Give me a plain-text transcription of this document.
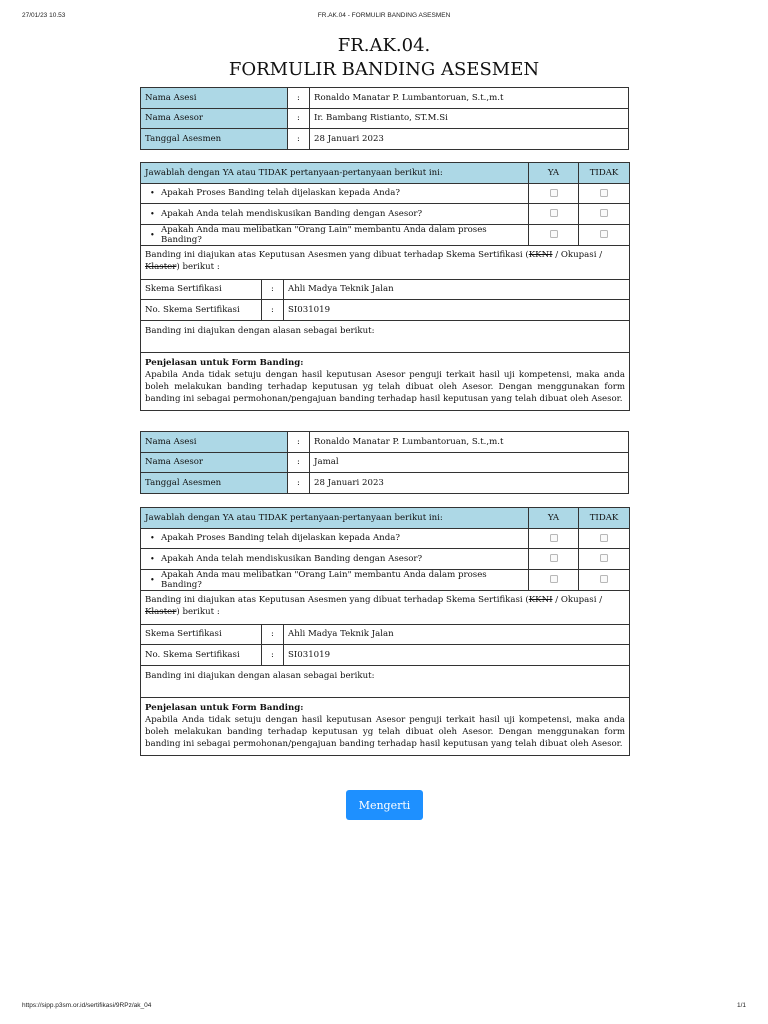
27/01/23 10.53	FR.AK.04 - FORMULIR BANDING ASESMEN
FR.AK.04.
FORMULIR BANDING ASESMEN
Nama Asesi	:	Ronaldo Manatar P. Lumbantoruan, S.t.,m.t
Nama Asesor	:	Ir. Bambang Ristianto, ST.M.Si
Tanggal Asesmen	:	28 Januari 2023
Jawablah dengan YA atau TIDAK pertanyaan-pertanyaan berikut ini:			YA	TIDAK
• Apakah Proses Banding telah dijelaskan kepada Anda?		
• Apakah Anda telah mendiskusikan Banding dengan Asesor?		
• Apakah Anda mau melibatkan "Orang Lain" membantu Anda dalam proses Banding?		
Banding ini diajukan atas Keputusan Asesmen yang dibuat terhadap Skema Sertifikasi (KKNI / Okupasi / Klaster) berikut :				
Skema Sertifikasi	:	Ahli Madya Teknik Jalan		
No. Skema Sertifikasi	:	SI031019		
Banding ini diajukan dengan alasan sebagai berikut:				

Penjelasan untuk Form Banding:
Apabila Anda tidak setuju dengan hasil keputusan Asesor penguji terkait hasil uji kompetensi, maka anda boleh melakukan banding terhadap keputusan yg telah dibuat oleh Asesor. Dengan menggunakan form banding ini sebagai permohonan/pengajuan banding terhadap hasil keputusan yang telah dibuat oleh Asesor.				
Nama Asesi	:	Ronaldo Manatar P. Lumbantoruan, S.t.,m.t
Nama Asesor	:	Jamal
Tanggal Asesmen	:	28 Januari 2023
Jawablah dengan YA atau TIDAK pertanyaan-pertanyaan berikut ini:			YA	TIDAK
• Apakah Proses Banding telah dijelaskan kepada Anda?		
• Apakah Anda telah mendiskusikan Banding dengan Asesor?		
• Apakah Anda mau melibatkan "Orang Lain" membantu Anda dalam proses Banding?		
Banding ini diajukan atas Keputusan Asesmen yang dibuat terhadap Skema Sertifikasi (KKNI / Okupasi / Klaster) berikut :				
Skema Sertifikasi	:	Ahli Madya Teknik Jalan		
No. Skema Sertifikasi	:	SI031019		
Banding ini diajukan dengan alasan sebagai berikut:				

Penjelasan untuk Form Banding:
Apabila Anda tidak setuju dengan hasil keputusan Asesor penguji terkait hasil uji kompetensi, maka anda boleh melakukan banding terhadap keputusan yg telah dibuat oleh Asesor. Dengan menggunakan form banding ini sebagai permohonan/pengajuan banding terhadap hasil keputusan yang telah dibuat oleh Asesor.				
Mengerti
https://sipp.p3sm.or.id/sertifikasi/9RPz/ak_04	1/1
